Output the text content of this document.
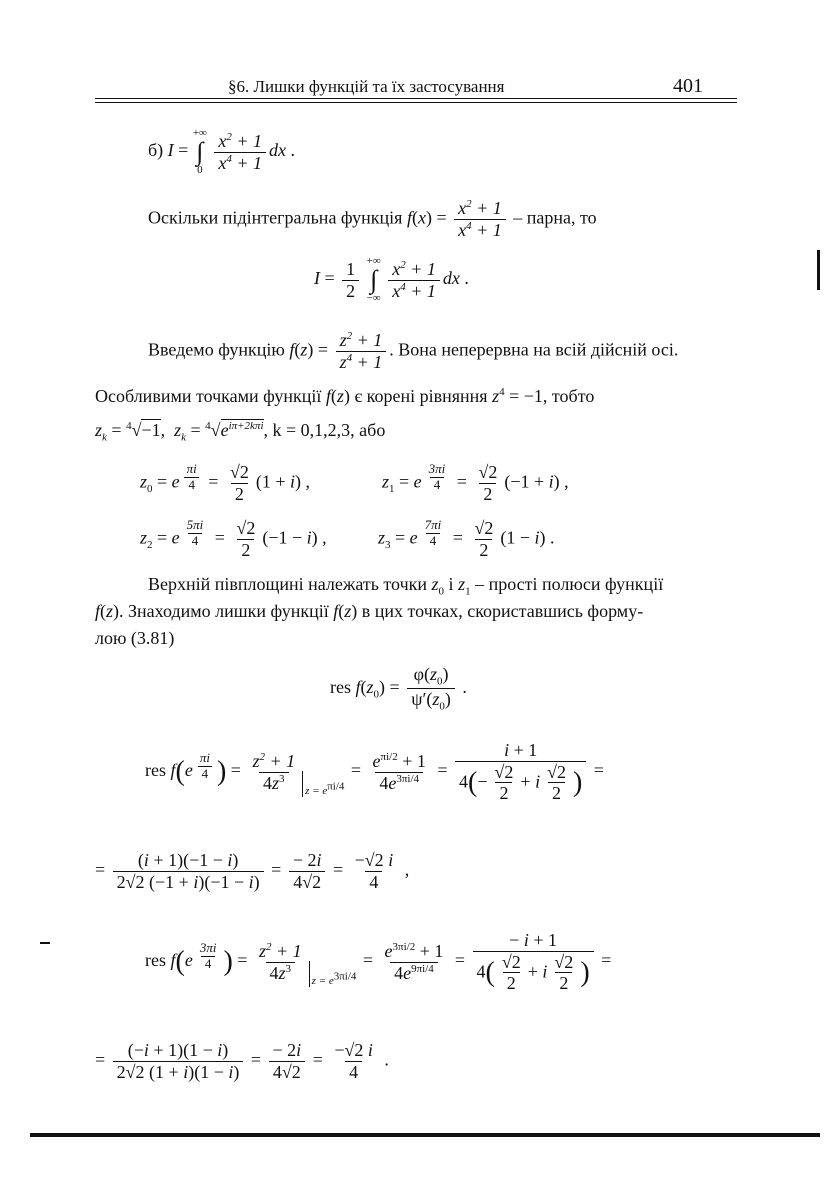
§6. Лишки функцій та їх застосування	401
б) I =
+∞
∫
0
$\frac{x^2 + 1}{x^4 + 1}$ dx .
Оскільки підінтегральна функція $f(x) = \frac{x^2 + 1}{x^4 + 1}$ – парна, то
$I = \frac{1}{2}$
+∞
∫
−∞
$\frac{x^2 + 1}{x^4 + 1}$ dx .
Введемо функцію $f(z) = \frac{z^2 + 1}{z^4 + 1}$ . Вона неперервна на всій дійсній осі.
Особливими точками функції f(z) є корені рівняння $z^4 = -1$, тобто
$z_k = ^4√-1$,  $z_k = ^4√e^{i\pi+2k\pi i}$, k = 0,1,2,3, або
$z_0 = e$ $^{\frac{\pi i}{4}} = \frac{√2}{2} (1 + i)$ ,	$z_1 = e$ $^{\frac{3\pi i}{4}} = \frac{√2}{2} (-1 + i)$ ,
$z_2 = e$ $^{\frac{5\pi i}{4}} = \frac{√2}{2} (-1 - i)$ ,	$z_3 = e$ $^{\frac{7\pi i}{4}} = \frac{√2}{2} (1 - i)$ .
Верхній півплощині належать точки $z_0$ і $z_1$ – прості полюси функції
f(z). Знаходимо лишки функції f(z) в цих точках, скориставшись форму-
лою (3.81)
res $f(z_0) = \frac{\varphi(z_0)}{\psi'(z_0)}$ .
res f(e $^{\frac{\pi i}{4}}$ ) = $\frac{z^2 + 1}{4z^3} _{z = e^{\pi i/4}} = \frac{e^{\pi i/2} + 1}{4e^{3\pi i/4}} = \frac{i + 1}{4(- \frac{√2}{2} + i \frac{√2}{2} )}$ =
= $\frac{(i + 1)(-1 - i)}{2√2 (-1 + i)(-1 - i)} = \frac{- 2i}{4√2} = \frac{-√2 i}{4}$ ,
res f(e $^{\frac{3\pi i}{4}}$ ) = $\frac{z^2 + 1}{4z^3} _{z = e^{3\pi i/4}} = \frac{e^{3\pi i/2} + 1}{4e^{9\pi i/4}} = \frac{- i + 1}{4( \frac{√2}{2} + i \frac{√2}{2} )}$ =
= $\frac{(-i + 1)(1 - i)}{2√2 (1 + i)(1 - i)} = \frac{- 2i}{4√2} = \frac{-√2 i}{4}$ .
